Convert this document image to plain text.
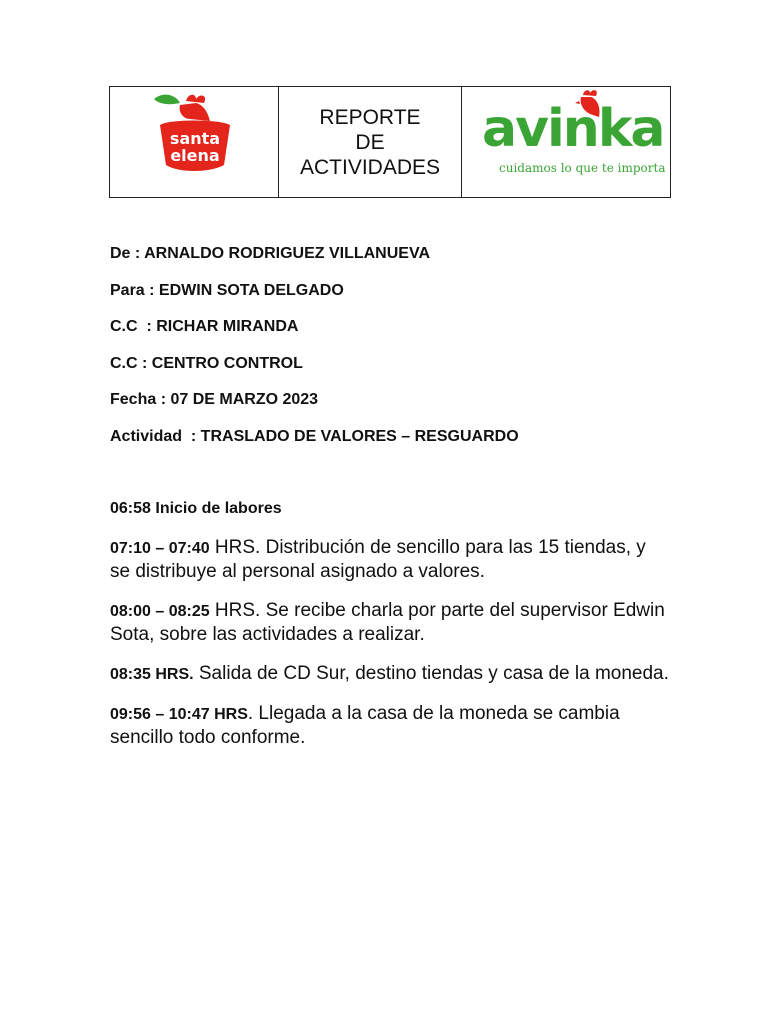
santa
elena
REPORTE
DE
ACTIVIDADES
avinka
cuidamos lo que te importa
De : ARNALDO RODRIGUEZ VILLANUEVA
Para : EDWIN SOTA DELGADO
C.C  : RICHAR MIRANDA
C.C : CENTRO CONTROL
Fecha : 07 DE MARZO 2023
Actividad  : TRASLADO DE VALORES – RESGUARDO
06:58 Inicio de labores
07:10 – 07:40 HRS. Distribución de sencillo para las 15 tiendas, y se distribuye al personal asignado a valores.
08:00 – 08:25 HRS. Se recibe charla por parte del supervisor Edwin Sota, sobre las actividades a realizar.
08:35 HRS. Salida de CD Sur, destino tiendas y casa de la moneda.
09:56 – 10:47 HRS. Llegada a la casa de la moneda se cambia sencillo todo conforme.
